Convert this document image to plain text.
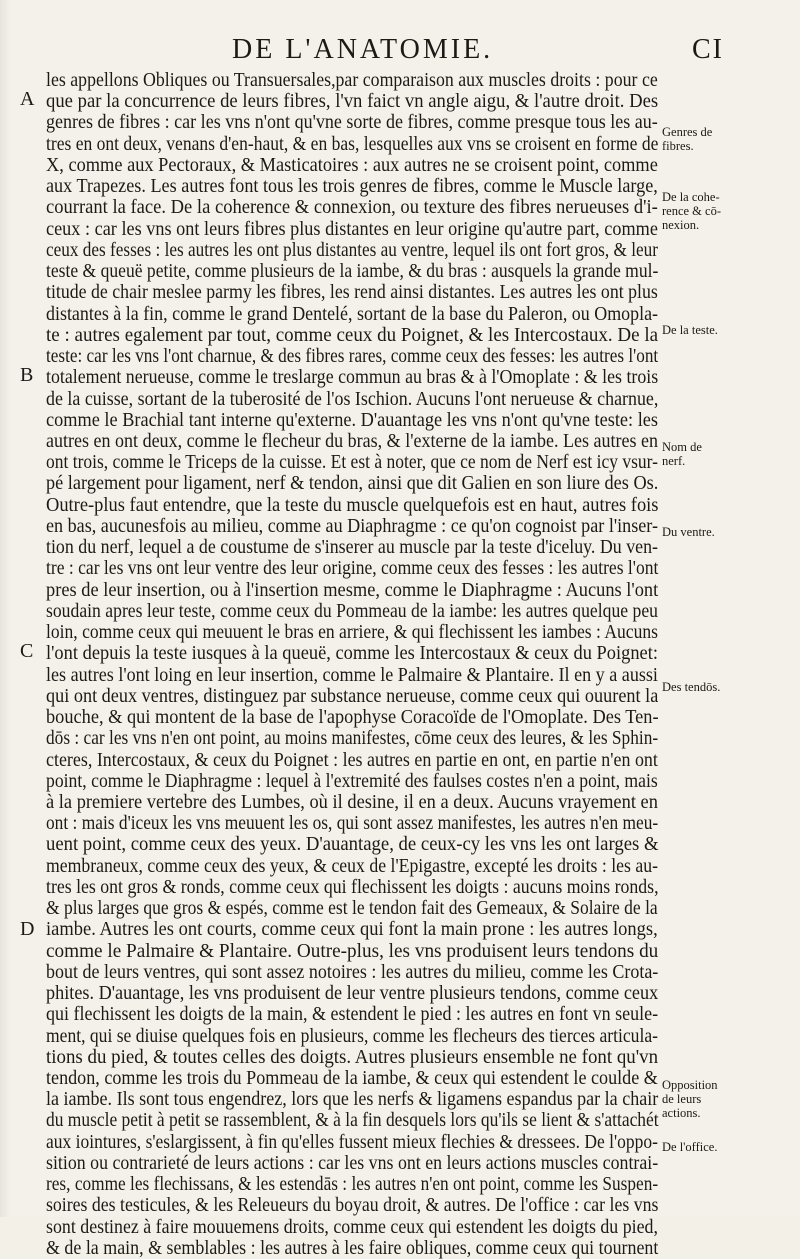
DE L'ANATOMIE.	CI
A
B
C
D
les appellons Obliques ou Transuersales,par comparaison aux muscles droits : pour ce
que par la concurrence de leurs fibres, l'vn faict vn angle aigu, & l'autre droit. Des
genres de fibres : car les vns n'ont qu'vne sorte de fibres, comme presque tous les au-
tres en ont deux, venans d'en-haut, & en bas, lesquelles aux vns se croisent en forme de
X, comme aux Pectoraux, & Masticatoires : aux autres ne se croisent point, comme
aux Trapezes. Les autres font tous les trois genres de fibres, comme le Muscle large,
courrant la face. De la coherence & connexion, ou texture des fibres nerueuses d'i-
ceux : car les vns ont leurs fibres plus distantes en leur origine qu'autre part, comme
ceux des fesses : les autres les ont plus distantes au ventre, lequel ils ont fort gros, & leur
teste & queuë petite, comme plusieurs de la iambe, & du bras : ausquels la grande mul-
titude de chair meslee parmy les fibres, les rend ainsi distantes. Les autres les ont plus
distantes à la fin, comme le grand Dentelé, sortant de la base du Paleron, ou Omopla-
te : autres egalement par tout, comme ceux du Poignet, & les Intercostaux. De la
teste: car les vns l'ont charnue, & des fibres rares, comme ceux des fesses: les autres l'ont
totalement nerueuse, comme le treslarge commun au bras & à l'Omoplate : & les trois
de la cuisse, sortant de la tuberosité de l'os Ischion. Aucuns l'ont nerueuse & charnue,
comme le Brachial tant interne qu'externe. D'auantage les vns n'ont qu'vne teste: les
autres en ont deux, comme le flecheur du bras, & l'externe de la iambe. Les autres en
ont trois, comme le Triceps de la cuisse. Et est à noter, que ce nom de Nerf est icy vsur-
pé largement pour ligament, nerf & tendon, ainsi que dit Galien en son liure des Os.
Outre-plus faut entendre, que la teste du muscle quelquefois est en haut, autres fois
en bas, aucunesfois au milieu, comme au Diaphragme : ce qu'on cognoist par l'inser-
tion du nerf, lequel a de coustume de s'inserer au muscle par la teste d'iceluy. Du ven-
tre : car les vns ont leur ventre des leur origine, comme ceux des fesses : les autres l'ont
pres de leur insertion, ou à l'insertion mesme, comme le Diaphragme : Aucuns l'ont
soudain apres leur teste, comme ceux du Pommeau de la iambe: les autres quelque peu
loin, comme ceux qui meuuent le bras en arriere, & qui flechissent les iambes : Aucuns
l'ont depuis la teste iusques à la queuë, comme les Intercostaux & ceux du Poignet:
les autres l'ont loing en leur insertion, comme le Palmaire & Plantaire. Il en y a aussi
qui ont deux ventres, distinguez par substance nerueuse, comme ceux qui ouurent la
bouche, & qui montent de la base de l'apophyse Coracoïde de l'Omoplate. Des Ten-
dōs : car les vns n'en ont point, au moins manifestes, cōme ceux des leures, & les Sphin-
cteres, Intercostaux, & ceux du Poignet : les autres en partie en ont, en partie n'en ont
point, comme le Diaphragme : lequel à l'extremité des faulses costes n'en a point, mais
à la premiere vertebre des Lumbes, où il desine, il en a deux. Aucuns vrayement en
ont : mais d'iceux les vns meuuent les os, qui sont assez manifestes, les autres n'en meu-
uent point, comme ceux des yeux. D'auantage, de ceux-cy les vns les ont larges &
membraneux, comme ceux des yeux, & ceux de l'Epigastre, excepté les droits : les au-
tres les ont gros & ronds, comme ceux qui flechissent les doigts : aucuns moins ronds,
& plus larges que gros & espés, comme est le tendon fait des Gemeaux, & Solaire de la
iambe. Autres les ont courts, comme ceux qui font la main prone : les autres longs,
comme le Palmaire & Plantaire. Outre-plus, les vns produisent leurs tendons du
bout de leurs ventres, qui sont assez notoires : les autres du milieu, comme les Crota-
phites. D'auantage, les vns produisent de leur ventre plusieurs tendons, comme ceux
qui flechissent les doigts de la main, & estendent le pied : les autres en font vn seule-
ment, qui se diuise quelques fois en plusieurs, comme les flecheurs des tierces articula-
tions du pied, & toutes celles des doigts. Autres plusieurs ensemble ne font qu'vn
tendon, comme les trois du Pommeau de la iambe, & ceux qui estendent le coulde &
la iambe. Ils sont tous engendrez, lors que les nerfs & ligamens espandus par la chair
du muscle petit à petit se rassemblent, & à la fin desquels lors qu'ils se lient & s'attachét
aux iointures, s'eslargissent, à fin qu'elles fussent mieux flechies & dressees. De l'oppo-
sition ou contrarieté de leurs actions : car les vns ont en leurs actions muscles contrai-
res, comme les flechissans, & les estendās : les autres n'en ont point, comme les Suspen-
soires des testicules, & les Releueurs du boyau droit, & autres. De l'office : car les vns
sont destinez à faire mouuemens droits, comme ceux qui estendent les doigts du pied,
& de la main, & semblables : les autres à les faire obliques, comme ceux qui tournent
Genres de
fibres.
De la cohe-
rence & cō-
nexion.
De la teste.
Nom de
nerf.
Du ventre.
Des tendōs.
Opposition
de leurs
actions.
De l'office.
